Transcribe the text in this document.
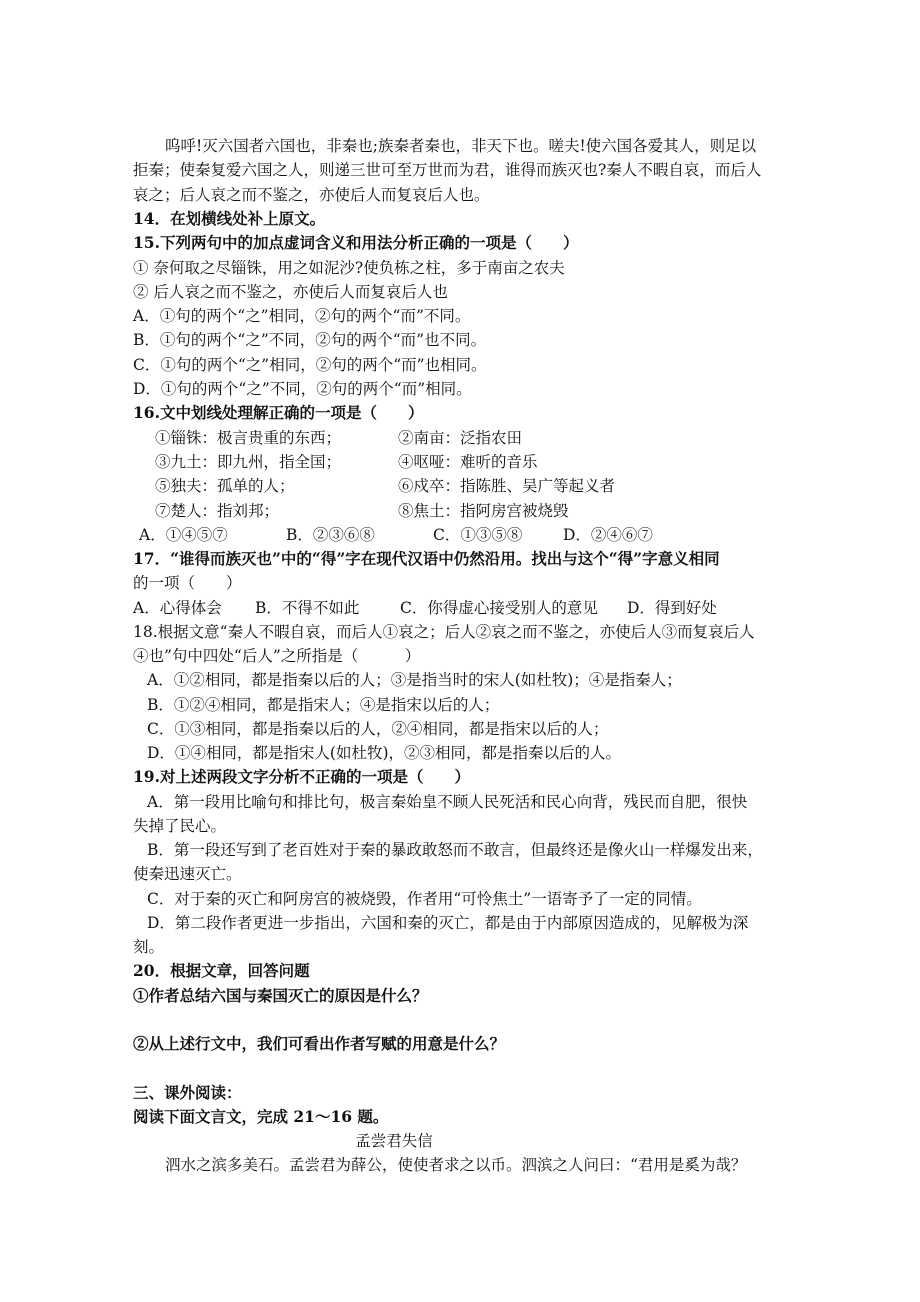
呜呼!灭六国者六国也，非秦也;族秦者秦也，非天下也。嗟夫!使六国各爱其人，则足以
拒秦；使秦复爱六国之人，则递三世可至万世而为君，谁得而族灭也?秦人不暇自哀，而后人
哀之；后人哀之而不鉴之，亦使后人而复哀后人也。
14．在划横线处补上原文。
15.下列两句中的加点虚词含义和用法分析正确的一项是（　　）
① 奈何取之尽锱铢，用之如泥沙?使负栋之柱，多于南亩之农夫
② 后人哀之而不鉴之，亦使后人而复哀后人也
A．①句的两个“之”相同，②句的两个“而”不同。
B．①句的两个“之”不同，②句的两个“而”也不同。
C．①句的两个“之”相同，②句的两个“而”也相同。
D．①句的两个“之”不同，②句的两个“而”相同。
16.文中划线处理解正确的一项是（　　）
①锱铢：极言贵重的东西；	②南亩：泛指农田
③九土：即九州，指全国；	④呕哑：难听的音乐
⑤独夫：孤单的人；	⑥戍卒：指陈胜、吴广等起义者
⑦楚人：指刘邦；	⑧焦土：指阿房宫被烧毁
A．①④⑤⑦	B．②③⑥⑧	C．①③⑤⑧	D．②④⑥⑦
17．“谁得而族灭也”中的“得”字在现代汉语中仍然沿用。找出与这个“得”字意义相同
的一项（　　）
A．心得体会 B．不得不如此	C．你得虚心接受别人的意见 D．得到好处
18.根据文意“秦人不暇自哀，而后人①哀之；后人②哀之而不鉴之，亦使后人③而复哀后人
④也”句中四处“后人”之所指是（　　　）
A．①②相同，都是指秦以后的人；③是指当时的宋人(如杜牧)；④是指秦人；
B．①②④相同，都是指宋人；④是指宋以后的人；
C．①③相同，都是指秦以后的人，②④相同，都是指宋以后的人；
D．①④相同，都是指宋人(如杜牧)，②③相同，都是指秦以后的人。
19.对上述两段文字分析不正确的一项是（　　）
A．第一段用比喻句和排比句，极言秦始皇不顾人民死活和民心向背，残民而自肥，很快
失掉了民心。
B．第一段还写到了老百姓对于秦的暴政敢怒而不敢言，但最终还是像火山一样爆发出来，
使秦迅速灭亡。
C．对于秦的灭亡和阿房宫的被烧毁，作者用“可怜焦土”一语寄予了一定的同情。
D．第二段作者更进一步指出，六国和秦的灭亡，都是由于内部原因造成的，见解极为深
刻。
20．根据文章，回答问题
①作者总结六国与秦国灭亡的原因是什么？
②从上述行文中，我们可看出作者写赋的用意是什么？
三、课外阅读：
阅读下面文言文，完成 21～16 题。
孟尝君失信
泗水之滨多美石。孟尝君为薛公，使使者求之以币。泗滨之人问曰：“君用是奚为哉？
